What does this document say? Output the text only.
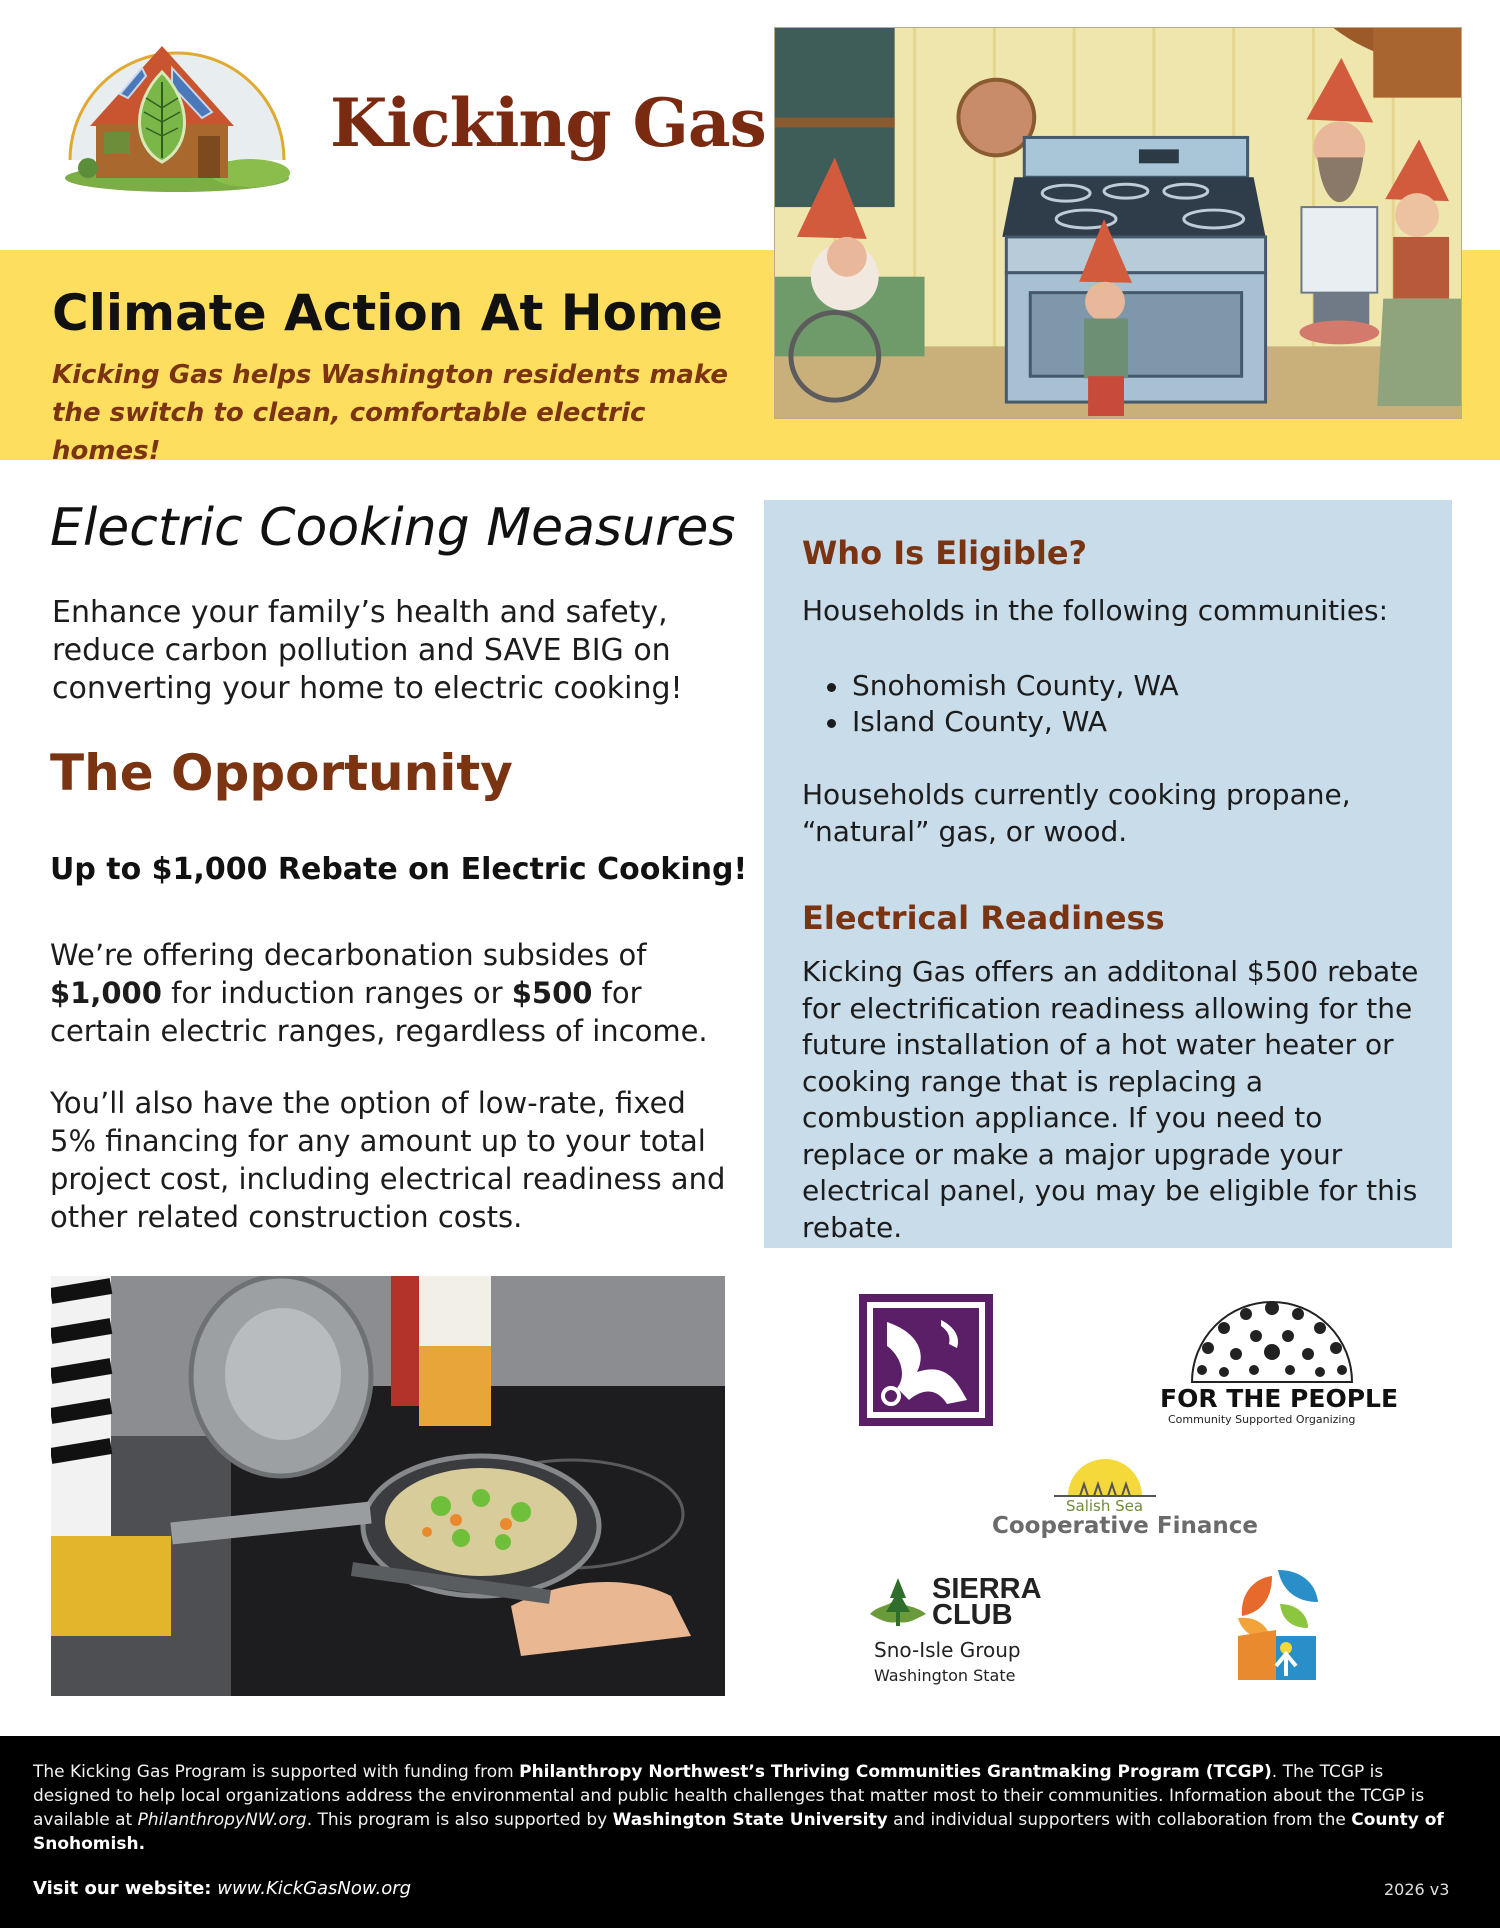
Kicking Gas
Climate Action At Home
Kicking Gas helps Washington residents make the switch to clean, comfortable electric homes!
Electric Cooking Measures
Enhance your family’s health and safety, reduce carbon pollution and SAVE BIG on converting your home to electric cooking!
The Opportunity
Up to $1,000 Rebate on Electric Cooking!
We’re offering decarbonation subsides of $1,000 for induction ranges or $500 for certain electric ranges, regardless of income.
You’ll also have the option of low-rate, fixed 5% financing for any amount up to your total project cost, including electrical readiness and other related construction costs.
Who Is Eligible?
Households in the following communities:
Snohomish County, WA
Island County, WA
Households currently cooking propane, “natural” gas, or wood.
Electrical Readiness
Kicking Gas offers an additonal $500 rebate for electrification readiness allowing for the future installation of a hot water heater or cooking range that is replacing a combustion appliance. If you need to replace or make a major upgrade your electrical panel, you may be eligible for this rebate.
FOR THE PEOPLE
Community Supported Organizing
Salish Sea
Cooperative Finance
SIERRA CLUB
Sno-Isle Group
Washington State
The Kicking Gas Program is supported with funding from Philanthropy Northwest’s Thriving Communities Grantmaking Program (TCGP). The TCGP is designed to help local organizations address the environmental and public health challenges that matter most to their communities. Information about the TCGP is available at PhilanthropyNW.org. This program is also supported by Washington State University and individual supporters with collaboration from the County of Snohomish.
Visit our website: www.KickGasNow.org	2026 v3
